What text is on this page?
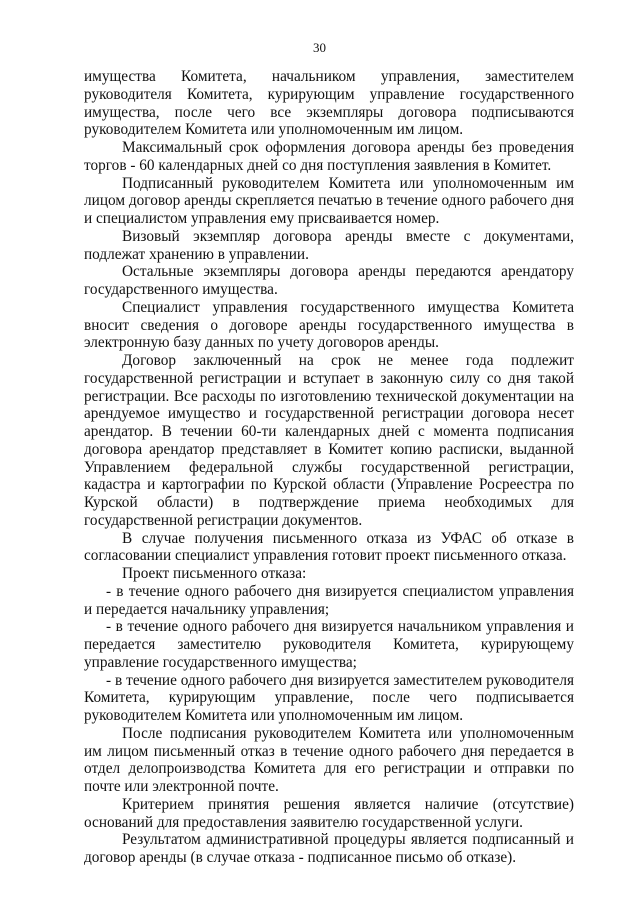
30

имущества Комитета, начальником управления, заместителем руководителя Комитета, курирующим управление государственного имущества, после чего все экземпляры договора подписываются руководителем Комитета или уполномоченным им лицом.

Максимальный срок оформления договора аренды без проведения торгов - 60 календарных дней со дня поступления заявления в Комитет.

Подписанный руководителем Комитета или уполномоченным им лицом договор аренды скрепляется печатью в течение одного рабочего дня и специалистом управления ему присваивается номер.

Визовый экземпляр договора аренды вместе с документами, подлежат хранению в управлении.

Остальные экземпляры договора аренды передаются арендатору государственного имущества.

Специалист управления государственного имущества Комитета вносит сведения о договоре аренды государственного имущества в электронную базу данных по учету договоров аренды.

Договор заключенный на срок не менее года подлежит государственной регистрации и вступает в законную силу со дня такой регистрации. Все расходы по изготовлению технической документации на арендуемое имущество и государственной регистрации договора несет арендатор. В течении 60-ти календарных дней с момента подписания договора арендатор представляет в Комитет копию расписки, выданной Управлением федеральной службы государственной регистрации, кадастра и картографии по Курской области (Управление Росреестра по Курской области) в подтверждение приема необходимых для государственной регистрации документов.

В случае получения письменного отказа из УФАС об отказе в согласовании специалист управления готовит проект письменного отказа.

Проект письменного отказа:

- в течение одного рабочего дня визируется специалистом управления и передается начальнику управления;

- в течение одного рабочего дня визируется начальником управления и передается заместителю руководителя Комитета, курирующему управление государственного имущества;

- в течение одного рабочего дня визируется заместителем руководителя Комитета, курирующим управление, после чего подписывается руководителем Комитета или уполномоченным им лицом.

После подписания руководителем Комитета или уполномоченным им лицом письменный отказ в течение одного рабочего дня передается в отдел делопроизводства Комитета для его регистрации и отправки по почте или электронной почте.

Критерием принятия решения является наличие (отсутствие) оснований для предоставления заявителю государственной услуги.

Результатом административной процедуры является подписанный и договор аренды (в случае отказа - подписанное письмо об отказе).
